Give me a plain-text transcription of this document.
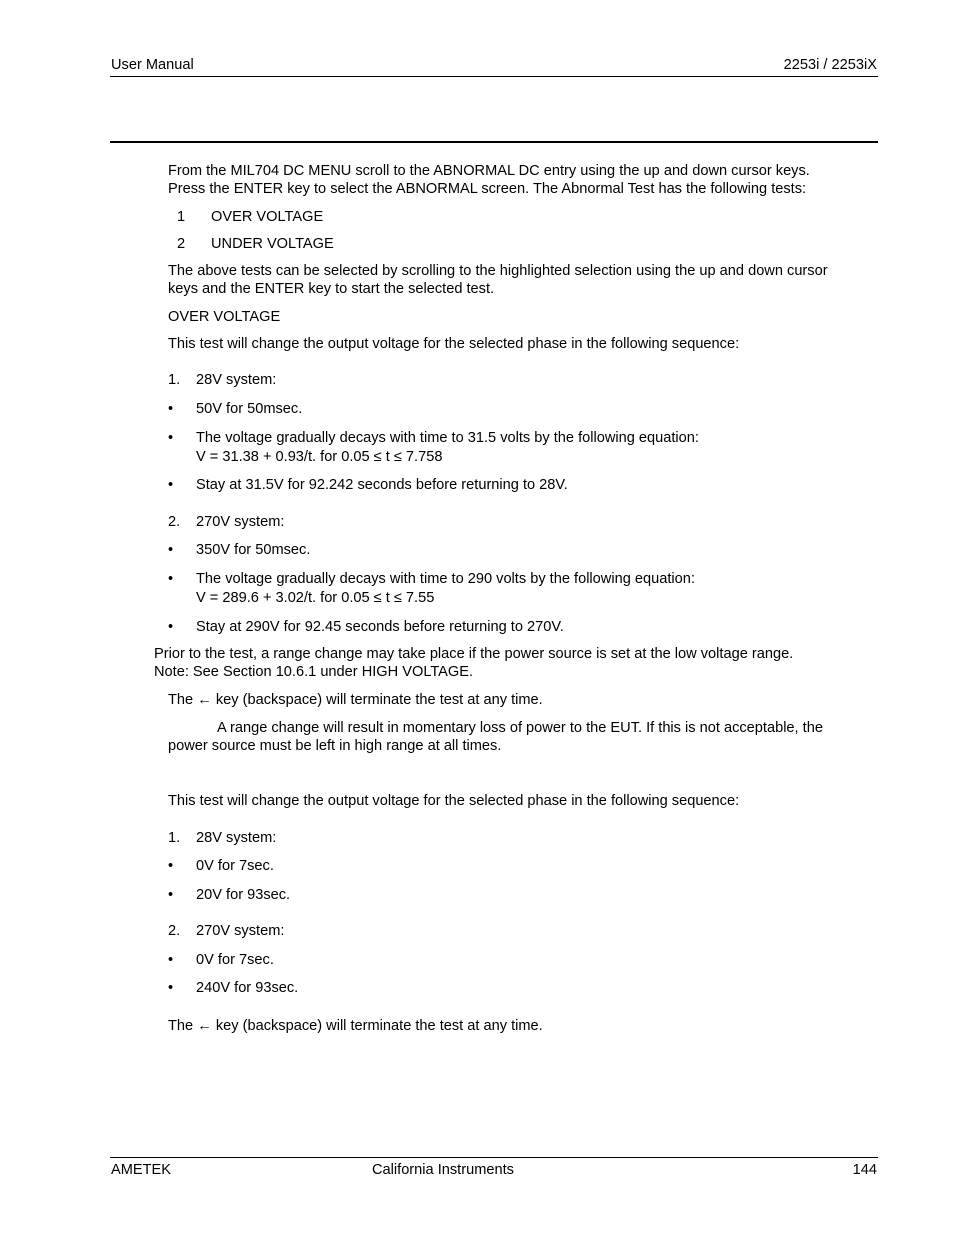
User Manual	2253i / 2253iX
From the MIL704 DC MENU scroll to the ABNORMAL DC entry using the up and down cursor keys.
Press the ENTER key to select the ABNORMAL screen. The Abnormal Test has the following tests:
1 OVER VOLTAGE
2 UNDER VOLTAGE
The above tests can be selected by scrolling to the highlighted selection using the up and down cursor
keys and the ENTER key to start the selected test.
OVER VOLTAGE
This test will change the output voltage for the selected phase in the following sequence:
1. 28V system:
• 50V for 50msec.
• The voltage gradually decays with time to 31.5 volts by the following equation:
V = 31.38 + 0.93/t. for 0.05 ≤ t ≤ 7.758
• Stay at 31.5V for 92.242 seconds before returning to 28V.
2. 270V system:
• 350V for 50msec.
• The voltage gradually decays with time to 290 volts by the following equation:
V = 289.6 + 3.02/t. for 0.05 ≤ t ≤ 7.55
• Stay at 290V for 92.45 seconds before returning to 270V.
Prior to the test, a range change may take place if the power source is set at the low voltage range.
Note: See Section 10.6.1 under HIGH VOLTAGE.
The ← key (backspace) will terminate the test at any time.
A range change will result in momentary loss of power to the EUT. If this is not acceptable, the
power source must be left in high range at all times.
This test will change the output voltage for the selected phase in the following sequence:
1. 28V system:
• 0V for 7sec.
• 20V for 93sec.
2. 270V system:
• 0V for 7sec.
• 240V for 93sec.
The ← key (backspace) will terminate the test at any time.
AMETEK	California Instruments	144
